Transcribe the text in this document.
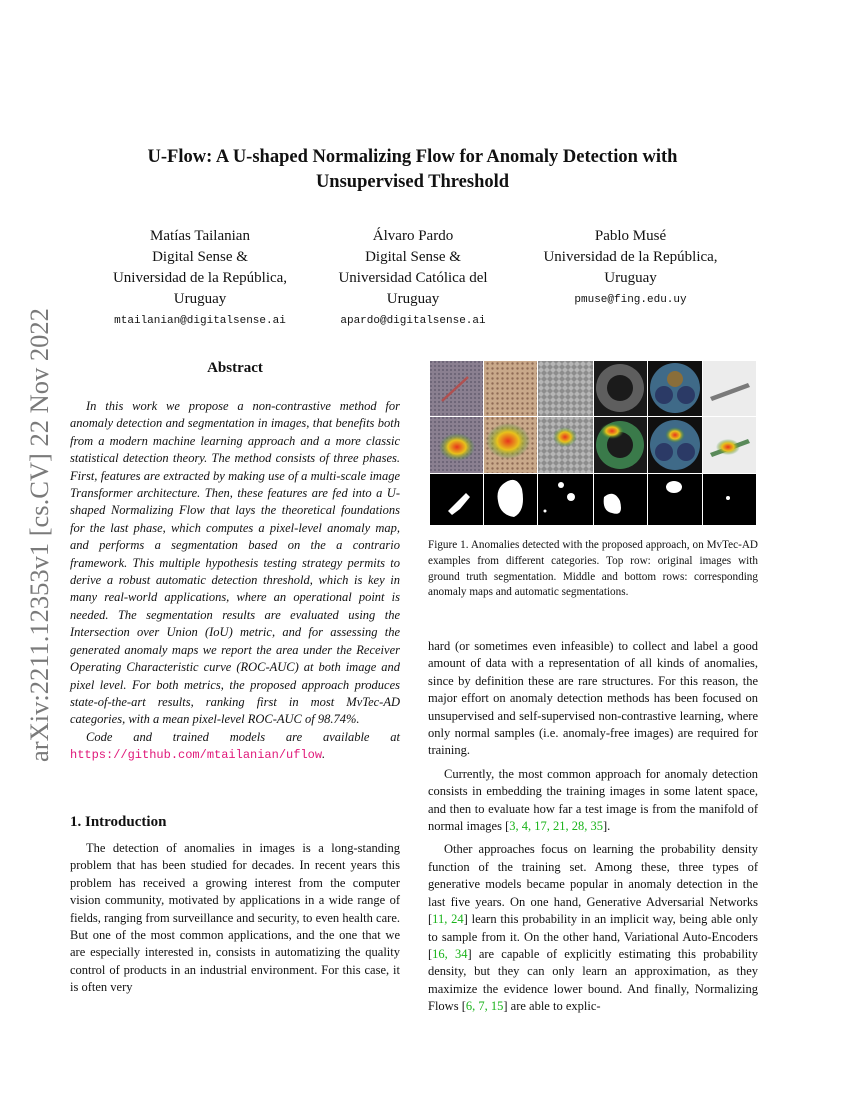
arXiv:2211.12353v1 [cs.CV] 22 Nov 2022
U-Flow: A U-shaped Normalizing Flow for Anomaly Detection with
Unsupervised Threshold
Matías Tailanian
Digital Sense &
Universidad de la República,
Uruguay
mtailanian@digitalsense.ai
Álvaro Pardo
Digital Sense &
Universidad Católica del
Uruguay
apardo@digitalsense.ai
Pablo Musé
Universidad de la República,
Uruguay
pmuse@fing.edu.uy
Abstract

In this work we propose a non-contrastive method for anomaly detection and segmentation in images, that benefits both from a modern machine learning approach and a more classic statistical detection theory. The method consists of three phases. First, features are extracted by making use of a multi-scale image Transformer architecture. Then, these features are fed into a U-shaped Normalizing Flow that lays the theoretical foundations for the last phase, which computes a pixel-level anomaly map, and performs a segmentation based on the a contrario framework. This multiple hypothesis testing strategy permits to derive a robust automatic detection threshold, which is key in many real-world applications, where an operational point is needed. The segmentation results are evaluated using the Intersection over Union (IoU) metric, and for assessing the generated anomaly maps we report the area under the Receiver Operating Characteristic curve (ROC-AUC) at both image and pixel level. For both metrics, the proposed approach produces state-of-the-art results, ranking first in most MvTec-AD categories, with a mean pixel-level ROC-AUC of 98.74%.

Code and trained models are available at https://github.com/mtailanian/uflow.

1. Introduction

The detection of anomalies in images is a long-standing problem that has been studied for decades. In recent years this problem has received a growing interest from the computer vision community, motivated by applications in a wide range of fields, ranging from surveillance and security, to even health care. But one of the most common applications, and the one that we are especially interested in, consists in automatizing the quality control of products in an industrial environment. For this case, it is often very

Figure 1. Anomalies detected with the proposed approach, on MvTec-AD examples from different categories. Top row: original images with ground truth segmentation. Middle and bottom rows: corresponding anomaly maps and automatic segmentations.

hard (or sometimes even infeasible) to collect and label a good amount of data with a representation of all kinds of anomalies, since by definition these are rare structures. For this reason, the major effort on anomaly detection methods has been focused on unsupervised and self-supervised non-contrastive learning, where only normal samples (i.e. anomaly-free images) are required for training.

Currently, the most common approach for anomaly detection consists in embedding the training images in some latent space, and then to evaluate how far a test image is from the manifold of normal images [3, 4, 17, 21, 28, 35].

Other approaches focus on learning the probability density function of the training set. Among these, three types of generative models became popular in anomaly detection in the last five years. On one hand, Generative Adversarial Networks [11, 24] learn this probability in an implicit way, being able only to sample from it. On the other hand, Variational Auto-Encoders [16, 34] are capable of explicitly estimating this probability density, but they can only learn an approximation, as they maximize the evidence lower bound. And finally, Normalizing Flows [6, 7, 15] are able to explic-
